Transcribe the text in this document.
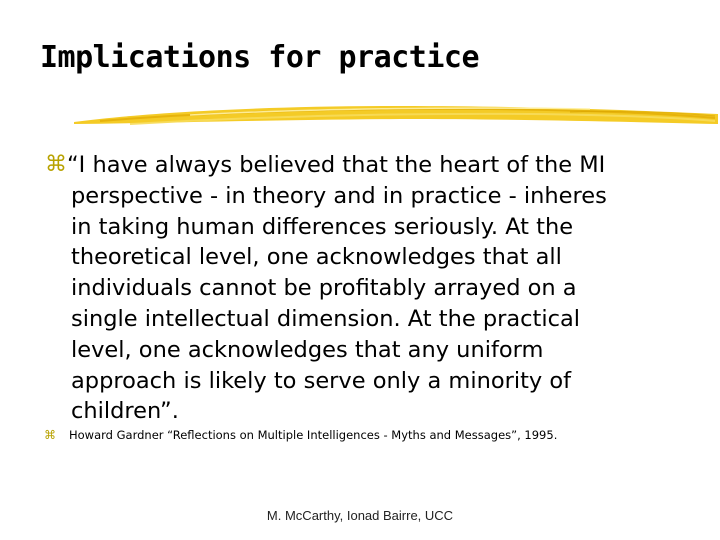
Implications for practice
⌘ “I have always believed that the heart of the MI
perspective - in theory and in practice - inheres
in taking human differences seriously. At the
theoretical level, one acknowledges that all
individuals cannot be profitably arrayed on a
single intellectual dimension. At the practical
level, one acknowledges that any uniform
approach is likely to serve only a minority of
children”.

⌘ Howard Gardner “Reflections on Multiple Intelligences - Myths and Messages”, 1995.
M. McCarthy, Ionad Bairre, UCC
